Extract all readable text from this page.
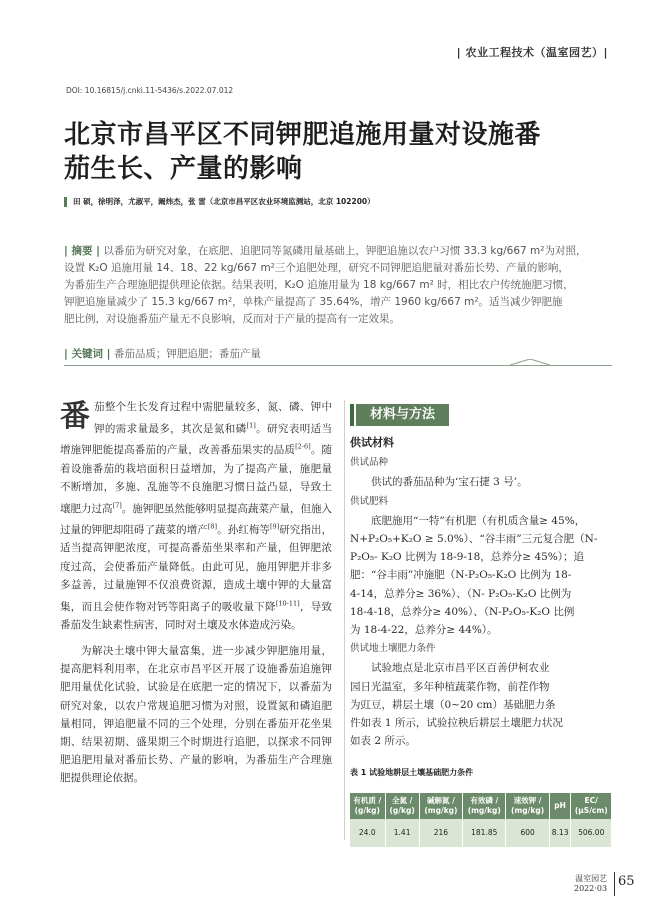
| 农业工程技术（温室园艺）|
DOI: 10.16815/j.cnki.11-5436/s.2022.07.012
北京市昌平区不同钾肥追施用量对设施番
茄生长、产量的影响
田 硕，徐明泽，尤淑平，阚炜杰，张 雷（北京市昌平区农业环境监测站，北京 102200）
| 摘要 | 以番茄为研究对象，在底肥、追肥同等氮磷用量基础上，钾肥追施以农户习惯 33.3 kg/667 m²为对照，
设置 K₂O 追施用量 14、18、22 kg/667 m²三个追肥处理，研究不同钾肥追肥量对番茄长势、产量的影响，
为番茄生产合理施肥提供理论依据。结果表明，K₂O 追施用量为 18 kg/667 m² 时，相比农户传统施肥习惯，
钾肥追施量减少了 15.3 kg/667 m²，单株产量提高了 35.64%，增产 1960 kg/667 m²。适当减少钾肥施
肥比例，对设施番茄产量无不良影响，反而对于产量的提高有一定效果。
| 关键词 | 番茄品质；钾肥追肥；番茄产量

番茄整个生长发育过程中需肥量较多，氮、磷、钾中钾的需求量最多，其次是氮和磷[1]。研究表明适当增施钾肥能提高番茄的产量，改善番茄果实的品质[2-6]。随着设施番茄的栽培面积日益增加，为了提高产量，施肥量不断增加，多施、乱施等不良施肥习惯日益凸显，导致土壤肥力过高[7]。施钾肥虽然能够明显提高蔬菜产量，但施入过量的钾肥却阻碍了蔬菜的增产[8]。孙红梅等[9]研究指出，适当提高钾肥浓度，可提高番茄坐果率和产量，但钾肥浓度过高，会使番茄产量降低。由此可见，施用钾肥并非多多益善，过量施钾不仅浪费资源，造成土壤中钾的大量富集，而且会使作物对钙等阳离子的吸收量下降[10-11]，导致番茄发生缺素性病害，同时对土壤及水体造成污染。

为解决土壤中钾大量富集，进一步减少钾肥施用量，提高肥料利用率，在北京市昌平区开展了设施番茄追施钾肥用量优化试验，试验是在底肥一定的情况下，以番茄为研究对象，以农户常规追肥习惯为对照，设置氮和磷追肥量相同，钾追肥量不同的三个处理，分别在番茄开花坐果期、结果初期、盛果期三个时期进行追肥，以探求不同钾肥追肥用量对番茄长势、产量的影响，为番茄生产合理施肥提供理论依据。

材料与方法
供试材料
供试品种

供试的番茄品种为‘宝石捷 3 号’。

供试肥料
底肥施用“一特”有机肥（有机质含量≥ 45%，
N+P₂O₅+K₂O ≥ 5.0%）、“谷丰雨”三元复合肥（N-
P₂O₅- K₂O 比例为 18-9-18，总养分≥ 45%）；追
肥：“谷丰雨”冲施肥（N-P₂O₅-K₂O 比例为 18-
4-14，总养分≥ 36%）、（N- P₂O₅-K₂O 比例为
18-4-18，总养分≥ 40%）、（N-P₂O₅-K₂O 比例
为 18-4-22，总养分≥ 44%）。
供试地土壤肥力条件
试验地点是北京市昌平区百善伊柯农业
园日光温室，多年种植蔬菜作物，前茬作物
为豇豆，耕层土壤（0~20 cm）基础肥力条
件如表 1 所示，试验拉秧后耕层土壤肥力状况
如表 2 所示。
表 1 试验地耕层土壤基础肥力条件
有机质 / (g/kg)	全氮 / (g/kg)	碱解氮 / (mg/kg)	有效磷 / (mg/kg)	速效钾 / (mg/kg)	pH	EC/ (μS/cm)
24.0	1.41	216	181.85	600	8.13	506.00
温室园艺
2022·03 65
